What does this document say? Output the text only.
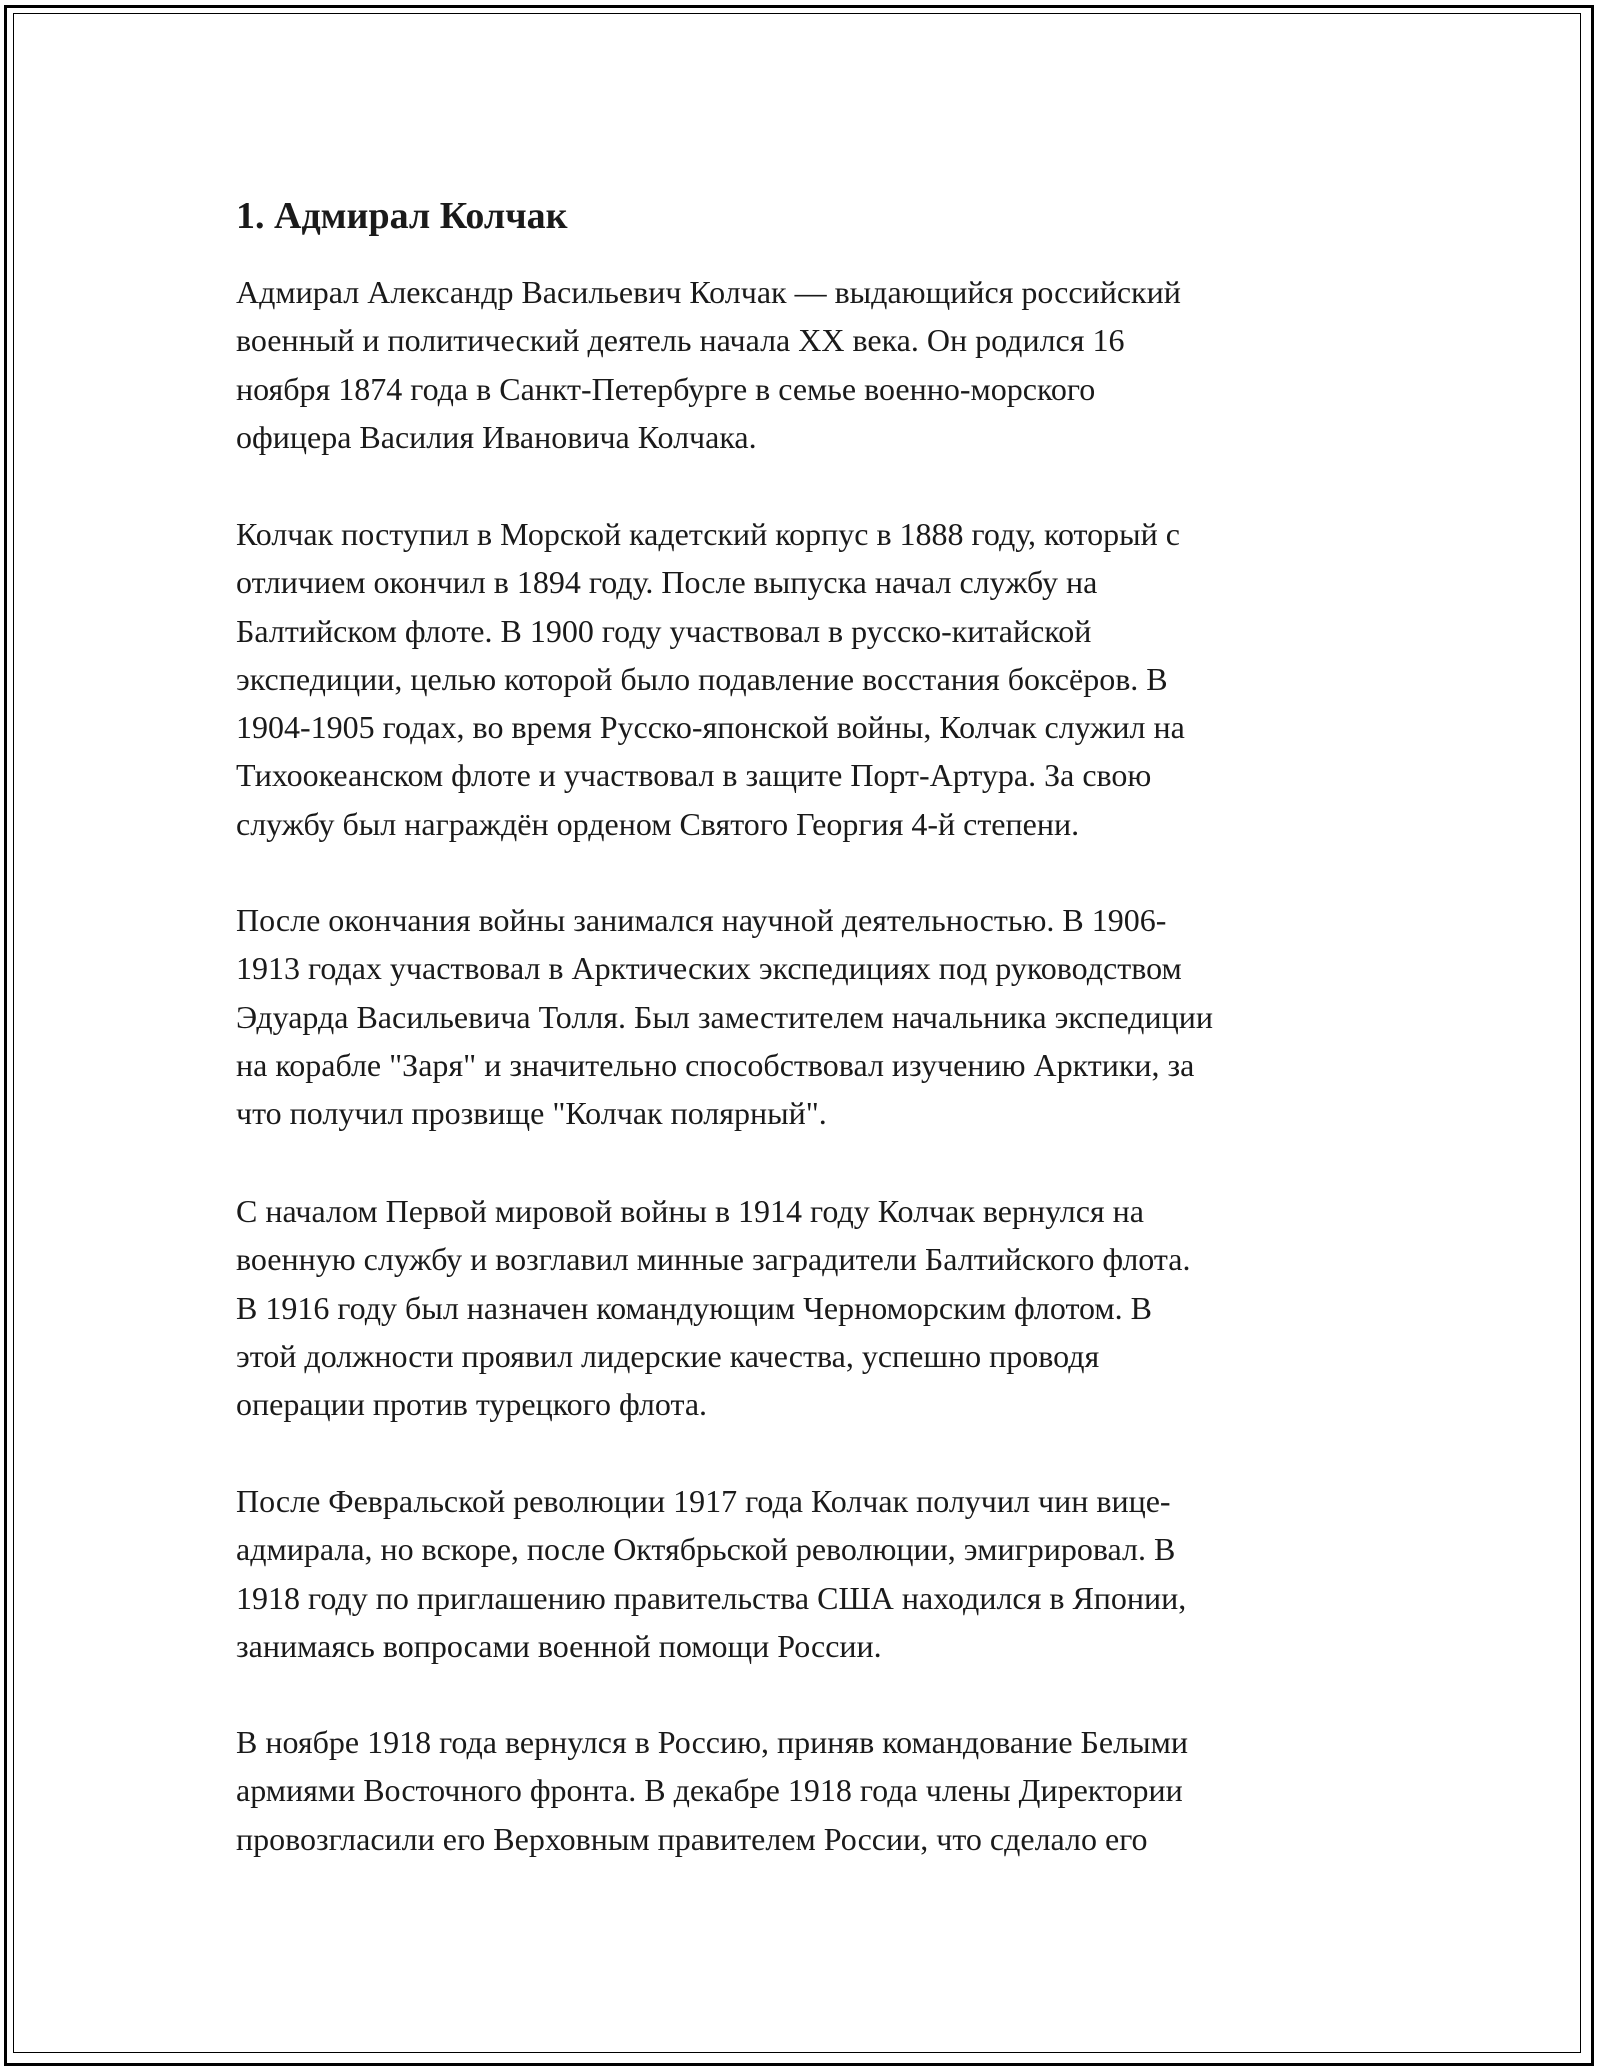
1. Адмирал Колчак

Адмирал Александр Васильевич Колчак — выдающийся российский
военный и политический деятель начала XX века. Он родился 16
ноября 1874 года в Санкт-Петербурге в семье военно-морского
офицера Василия Ивановича Колчака.

Колчак поступил в Морской кадетский корпус в 1888 году, который с
отличием окончил в 1894 году. После выпуска начал службу на
Балтийском флоте. В 1900 году участвовал в русско-китайской
экспедиции, целью которой было подавление восстания боксёров. В
1904-1905 годах, во время Русско-японской войны, Колчак служил на
Тихоокеанском флоте и участвовал в защите Порт-Артура. За свою
службу был награждён орденом Святого Георгия 4-й степени.

После окончания войны занимался научной деятельностью. В 1906-
1913 годах участвовал в Арктических экспедициях под руководством
Эдуарда Васильевича Толля. Был заместителем начальника экспедиции
на корабле "Заря" и значительно способствовал изучению Арктики, за
что получил прозвище "Колчак полярный".

С началом Первой мировой войны в 1914 году Колчак вернулся на
военную службу и возглавил минные заградители Балтийского флота.
В 1916 году был назначен командующим Черноморским флотом. В
этой должности проявил лидерские качества, успешно проводя
операции против турецкого флота.

После Февральской революции 1917 года Колчак получил чин вице-
адмирала, но вскоре, после Октябрьской революции, эмигрировал. В
1918 году по приглашению правительства США находился в Японии,
занимаясь вопросами военной помощи России.

В ноябре 1918 года вернулся в Россию, приняв командование Белыми
армиями Восточного фронта. В декабре 1918 года члены Директории
провозгласили его Верховным правителем России, что сделало его
